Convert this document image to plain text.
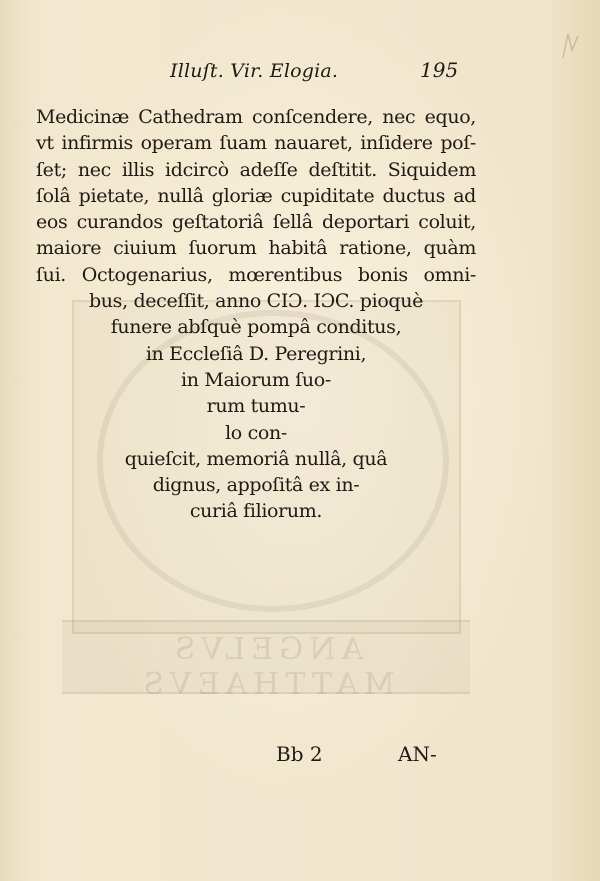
ANGELVS MATTHAEVS
Illuſt. Vir. Elogia.	195
Medicinæ Cathedram conſcendere, nec equo,
vt infirmis operam ſuam nauaret, inſidere poſ-
ſet; nec illis idcircò adeſſe deſtitit. Siquidem
ſolâ pietate, nullâ gloriæ cupiditate ductus ad
eos curandos geſtatoriâ ſellâ deportari coluit,
maiore ciuium ſuorum habitâ ratione, quàm
ſui. Octogenarius, mœrentibus bonis omni-
bus, deceſſit, anno CIƆ. IƆC. pioquè
funere abſquè pompâ conditus,
in Eccleſiâ D. Peregrini,
in Maiorum ſuo-
rum tumu-
lo con-
quieſcit, memoriâ nullâ, quâ
dignus, appoſitâ ex in-
curiâ filiorum.
Bb 2	AN-
